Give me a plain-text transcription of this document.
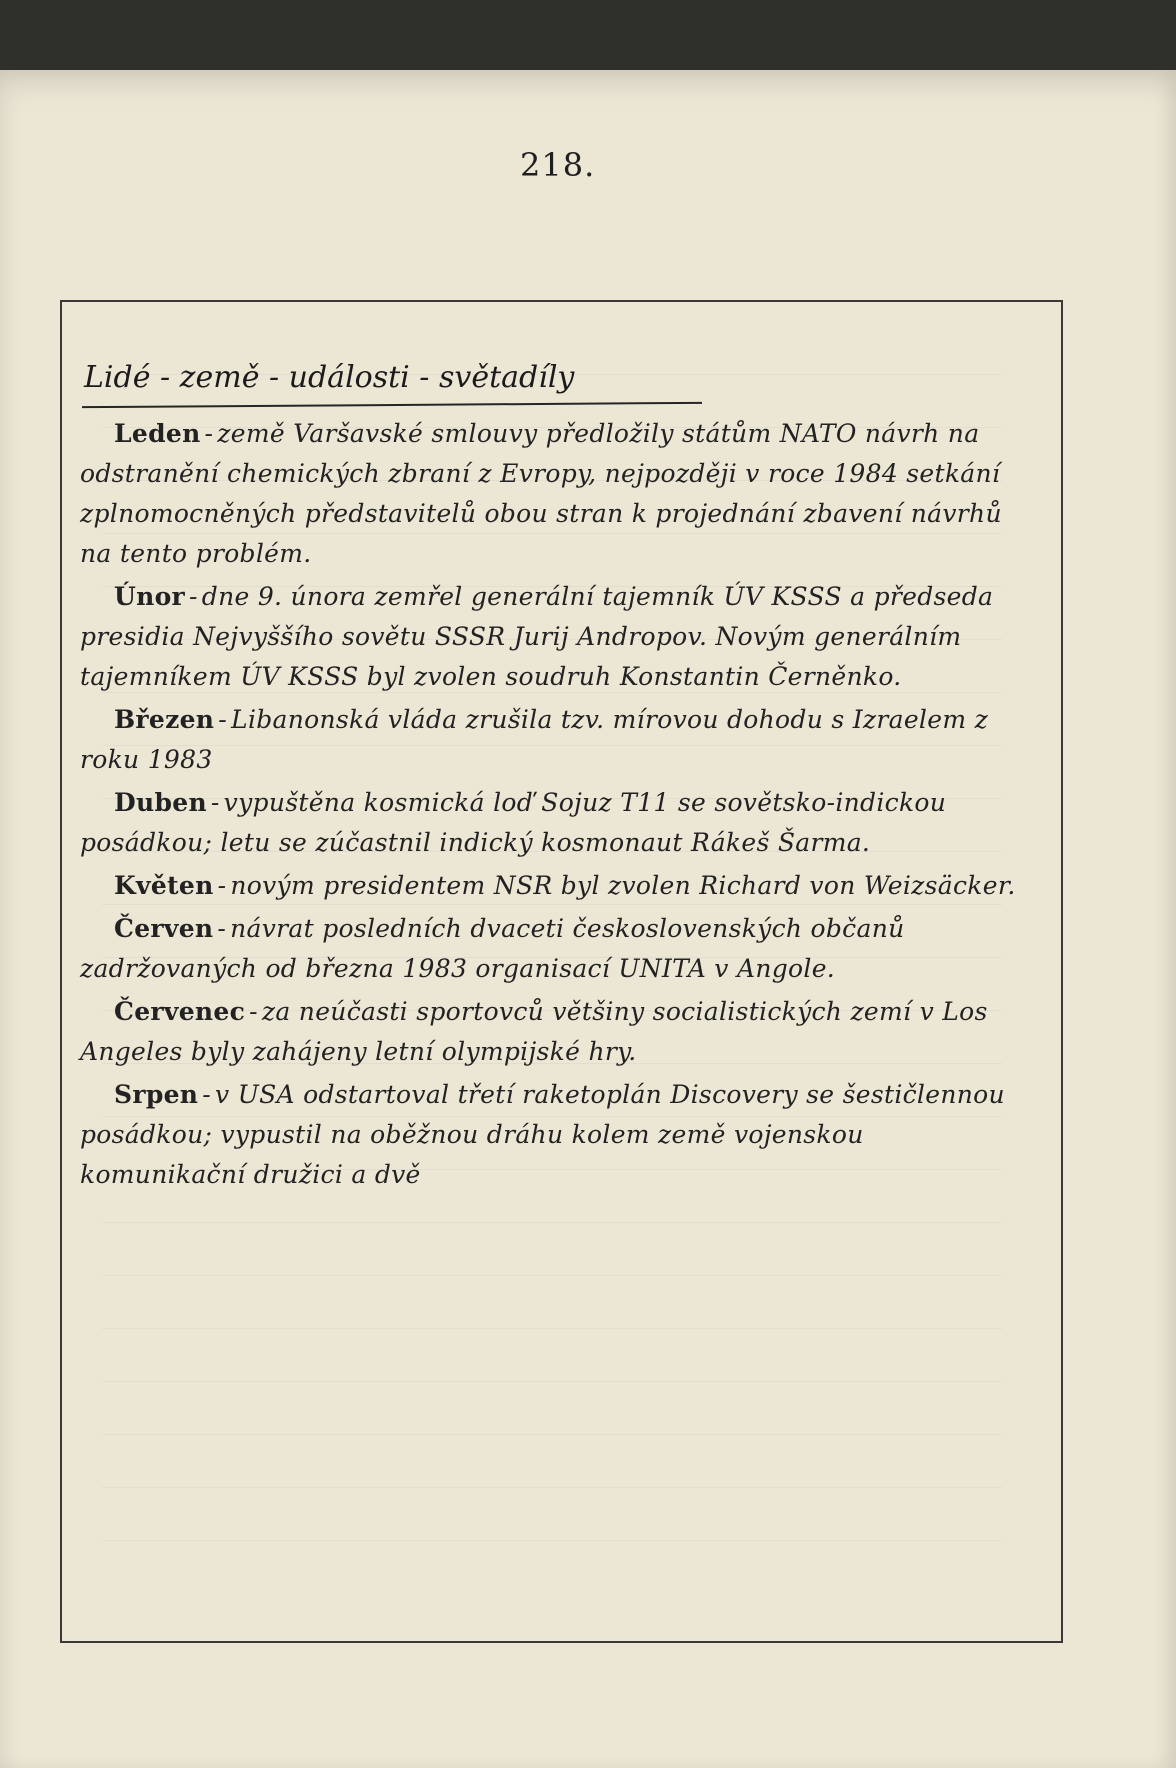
218.
Lidé - země - události - světadíly

Leden - země Varšavské smlouvy předložily státům NATO návrh na odstranění chemických zbraní z Evropy, nejpozději v roce 1984 setkání zplnomocněných představitelů obou stran k projednání zbavení návrhů na tento problém.

Únor - dne 9. února zemřel generální tajemník ÚV KSSS a předseda presidia Nejvyššího sovětu SSSR Jurij Andropov. Novým generálním tajemníkem ÚV KSSS byl zvolen soudruh Konstantin Černěnko.

Březen - Libanonská vláda zrušila tzv. mírovou dohodu s Izraelem z roku 1983

Duben - vypuštěna kosmická loď Sojuz T11 se sovětsko-indickou posádkou; letu se zúčastnil indický kosmonaut Rákeš Šarma.

Květen - novým presidentem NSR byl zvolen Richard von Weizsäcker.

Červen - návrat posledních dvaceti československých občanů zadržovaných od března 1983 organisací UNITA v Angole.

Červenec - za neúčasti sportovců většiny socialistických zemí v Los Angeles byly zahájeny letní olympijské hry.

Srpen - v USA odstartoval třetí raketoplán Discovery se šestičlennou posádkou; vypustil na oběžnou dráhu kolem země vojenskou komunikační družici a dvě
